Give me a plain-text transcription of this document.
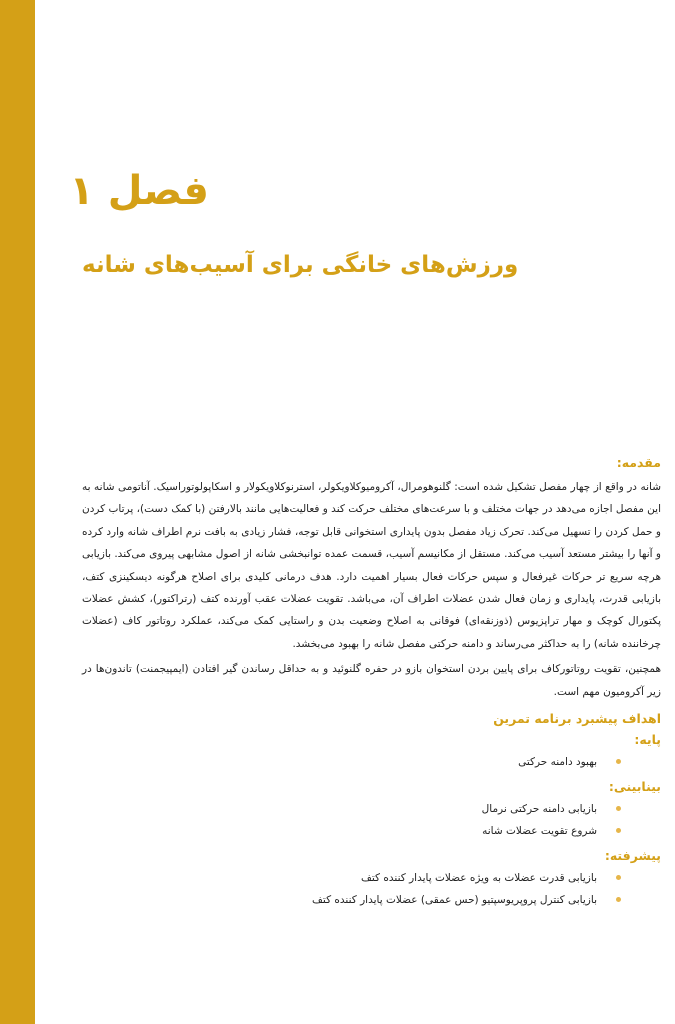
فصل ۱
ورزش‌های خانگی برای آسیب‌های شانه
مقدمه:

شانه در واقع از چهار مفصل تشکیل شده است: گلنوهومرال، آکرومیوکلاویکولر، استرنوکلاویکولار و اسکاپولوتوراسیک. آناتومی شانه به این مفصل اجازه می‌دهد در جهات مختلف و با سرعت‌های مختلف حرکت کند و فعالیت‌هایی مانند بالارفتن (با کمک دست)، پرتاب کردن و حمل کردن را تسهیل می‌کند. تحرک زیاد مفصل بدون پایداری استخوانی قابل توجه، فشار زیادی به بافت نرم اطراف شانه وارد کرده و آنها را بیشتر مستعد آسیب می‌کند. مستقل از مکانیسم آسیب، قسمت عمده توانبخشی شانه از اصول مشابهی پیروی می‌کند. بازیابی هرچه سریع تر حرکات غیرفعال و سپس حرکات فعال بسیار اهمیت دارد. هدف درمانی کلیدی برای اصلاح هرگونه دیسکینزی کتف، بازیابی قدرت، پایداری و زمان فعال شدن عضلات اطراف آن، می‌باشد. تقویت عضلات عقب آورنده کتف (رتراکتور)، کشش عضلات پکتورال کوچک و مهار تراپزیوس (ذوزنقه‌ای) فوقانی به اصلاح وضعیت بدن و راستایی کمک می‌کند، عملکرد روتاتور کاف (عضلات چرخاننده شانه) را به حداکثر می‌رساند و دامنه حرکتی مفصل شانه را بهبود می‌بخشد.

همچنین، تقویت روتاتورکاف برای پایین بردن استخوان بازو در حفره گلنوئید و به حداقل رساندن گیر افتادن (ایمپیجمنت) تاندون‌ها در زیر آکرومیون مهم است.

اهداف پیشبرد برنامه تمرین
پایه:
بهبود دامنه حرکتی
بینابینی:
بازیابی دامنه حرکتی نرمال
شروع تقویت عضلات شانه
پیشرفته:
بازیابی قدرت عضلات به ویژه عضلات پایدار کننده کتف
بازیابی کنترل پروپریوسپتیو (حس عمقی) عضلات پایدار کننده کتف
